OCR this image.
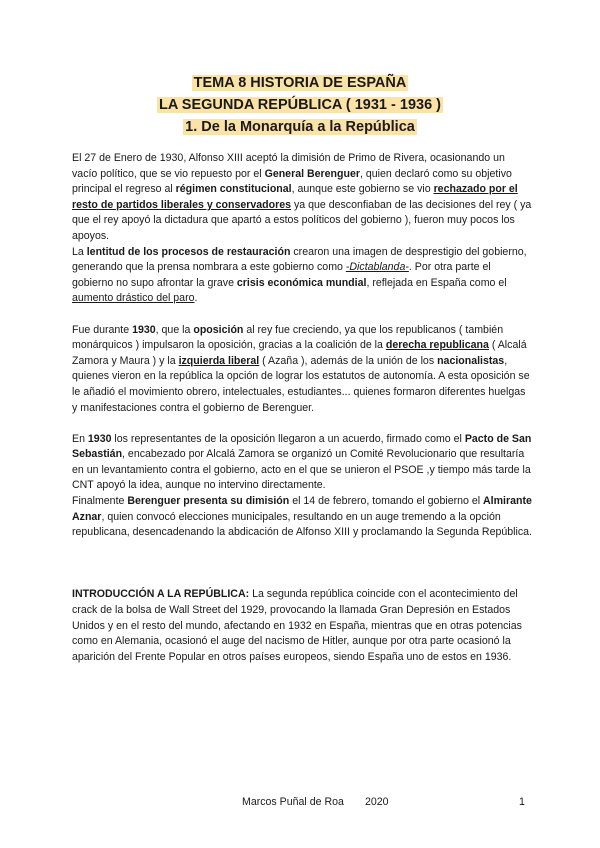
TEMA 8 HISTORIA DE ESPAÑA
LA SEGUNDA REPÚBLICA ( 1931 - 1936 )
1. De la Monarquía a la República

El 27 de Enero de 1930, Alfonso XIII aceptó la dimisión de Primo de Rivera, ocasionando un vacío político, que se vio repuesto por el General Berenguer, quien declaró como su objetivo principal el regreso al régimen constitucional, aunque este gobierno se vio rechazado por el resto de partidos liberales y conservadores ya que desconfiaban de las decisiones del rey ( ya que el rey apoyó la dictadura que apartó a estos políticos del gobierno ), fueron muy pocos los apoyos.

La lentitud de los procesos de restauración crearon una imagen de desprestigio del gobierno, generando que la prensa nombrara a este gobierno como -Dictablanda-. Por otra parte el gobierno no supo afrontar la grave crisis económica mundial, reflejada en España como el aumento drástico del paro.

Fue durante 1930, que la oposición al rey fue creciendo, ya que los republicanos ( también monárquicos ) impulsaron la oposición, gracias a la coalición de la derecha republicana ( Alcalá Zamora y Maura ) y la izquierda liberal ( Azaña ), además de la unión de los nacionalistas, quienes vieron en la república la opción de lograr los estatutos de autonomía. A esta oposición se le añadió el movimiento obrero, intelectuales, estudiantes... quienes formaron diferentes huelgas y manifestaciones contra el gobierno de Berenguer.

En 1930 los representantes de la oposición llegaron a un acuerdo, firmado como el Pacto de San Sebastián, encabezado por Alcalá Zamora se organizó un Comité Revolucionario que resultaría en un levantamiento contra el gobierno, acto en el que se unieron el PSOE ,y tiempo más tarde la CNT apoyó la idea, aunque no intervino directamente.

Finalmente Berenguer presenta su dimisión el 14 de febrero, tomando el gobierno el Almirante Aznar, quien convocó elecciones municipales, resultando en un auge tremendo a la opción republicana, desencadenando la abdicación de Alfonso XIII y proclamando la Segunda República.

INTRODUCCIÓN A LA REPÚBLICA: La segunda república coincide con el acontecimiento del crack de la bolsa de Wall Street del 1929, provocando la llamada Gran Depresión en Estados Unidos y en el resto del mundo, afectando en 1932 en España, mientras que en otras potencias como en Alemania, ocasionó el auge del nacismo de Hitler, aunque por otra parte ocasionó la aparición del Frente Popular en otros países europeos, siendo España uno de estos en 1936.

Marcos Puñal de Roa 2020	1
